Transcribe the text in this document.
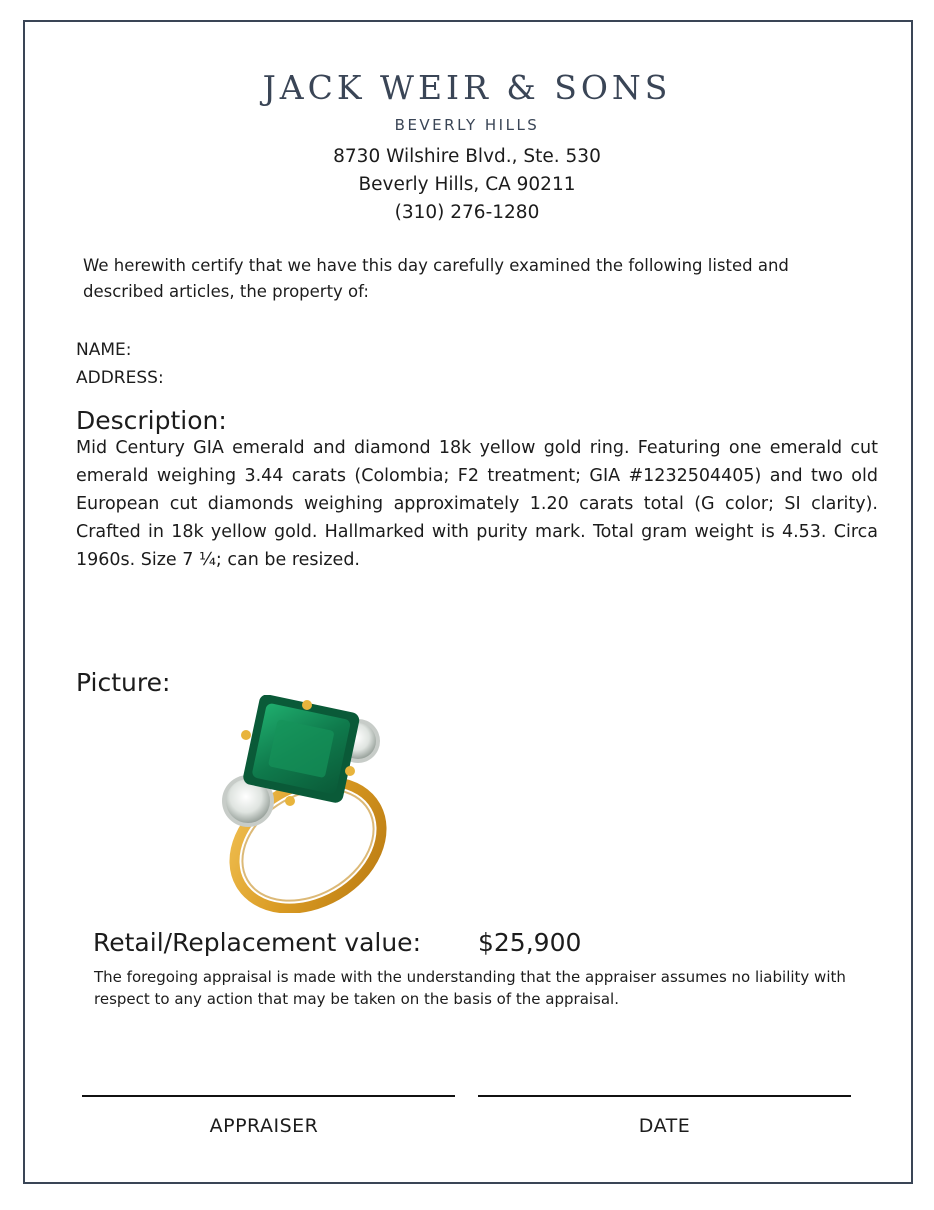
JACK WEIR & SONS
BEVERLY HILLS
8730 Wilshire Blvd., Ste. 530
Beverly Hills, CA 90211
(310) 276-1280
We herewith certify that we have this day carefully examined the following listed and described articles, the property of:
NAME:
ADDRESS:
Description:
Mid Century GIA emerald and diamond 18k yellow gold ring. Featuring one emerald cut emerald weighing 3.44 carats (Colombia; F2 treatment; GIA #1232504405) and two old European cut diamonds weighing approximately 1.20 carats total (G color; SI clarity). Crafted in 18k yellow gold. Hallmarked with purity mark. Total gram weight is 4.53. Circa 1960s. Size 7 ¼; can be resized.
Picture:
Retail/Replacement value: $25,900
The foregoing appraisal is made with the understanding that the appraiser assumes no liability with respect to any action that may be taken on the basis of the appraisal.
APPRAISER	DATE
